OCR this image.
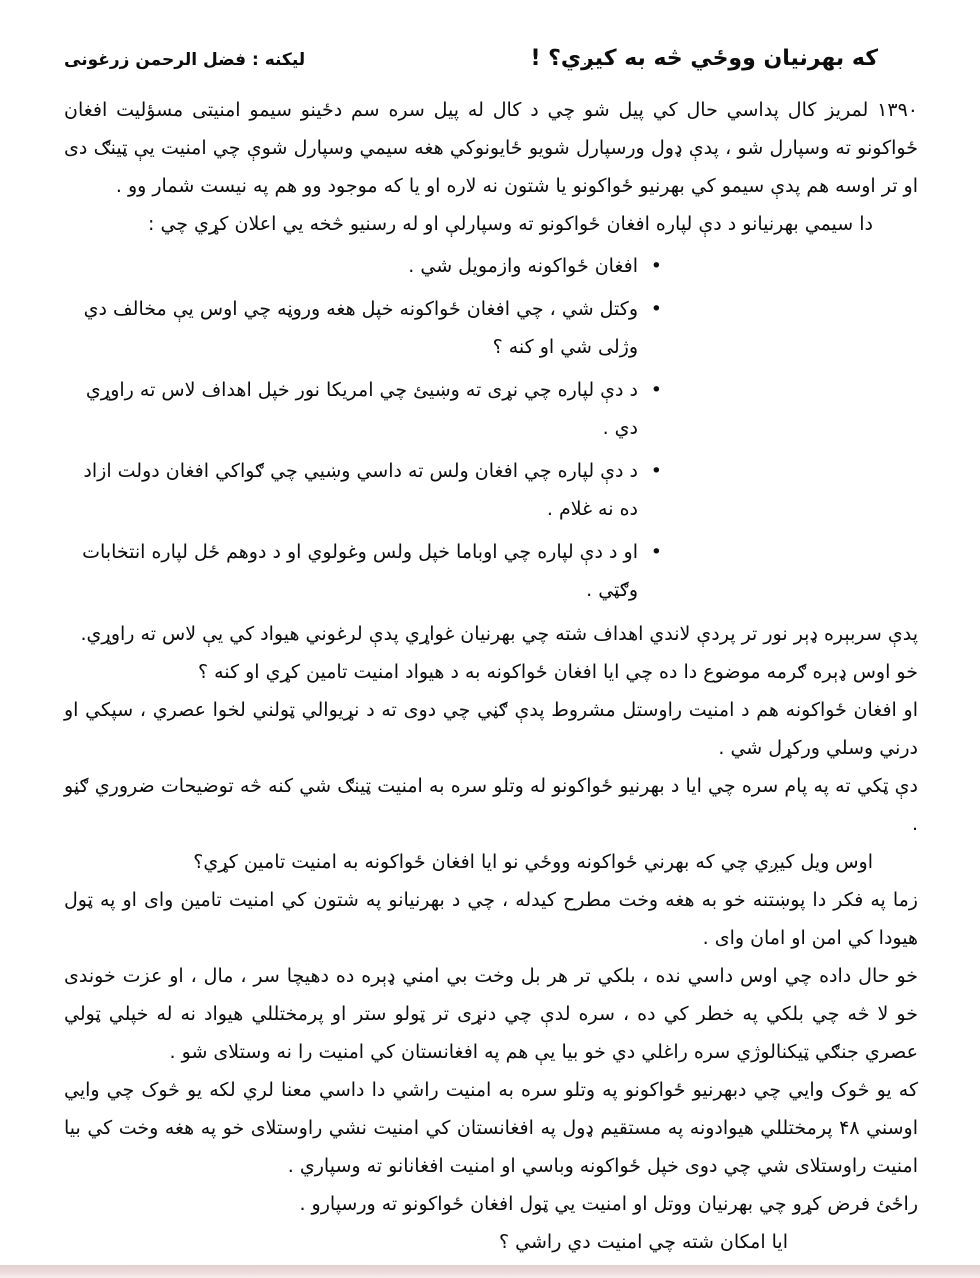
ليکنه : فضل الرحمن زرغونی	که بهرنيان ووځي څه به کيږي؟ !

۱۳۹۰ لمريز کال پداسي حال کي پيل شو چي د کال له پيل سره سم دځينو سيمو امنيتی مسؤليت افغان ځواکونو ته وسپارل شو ، پدې ډول ورسپارل شويو ځايونوکي هغه سيمي وسپارل شوې چي امنيت يې ټينګ دی او تر اوسه هم پدې سيمو کي بهرنيو ځواکونو يا شتون نه لاره او يا که موجود وو هم په نيست شمار وو .

دا سيمي بهرنيانو د دې لپاره افغان ځواکونو ته وسپارلې او له رسنيو څخه يي اعلان کړي چي :

• افغان ځواکونه وازمويل شي .
• وکتل شي ، چي افغان ځواکونه خپل هغه وروڼه چي اوس يې مخالف دي وژلی شي او کنه ؟
• د دې لپاره چي نړی ته وښيئ چي امريکا نور خپل اهداف لاس ته راوړي دي .
• د دې لپاره چي افغان ولس ته داسي وښيي چي ګواکي افغان دولت ازاد ده نه غلام .
• او د دې لپاره چي اوباما خپل ولس وغولوي او د دوهم ځل لپاره انتخابات وګټي .

پدې سربېره ډېر نور تر پردې لاندي اهداف شته چي بهرنيان غواړي پدې لرغوني هيواد کي يې لاس ته راوړي.

خو اوس ډېره ګرمه موضوع دا ده چي ايا افغان ځواکونه به د هيواد امنيت تامين کړي او کنه ؟

او افغان ځواکونه هم د امنيت راوستل مشروط پدې ګڼي چي دوی ته د نړيوالي ټولني لخوا عصري ، سپکي او درني وسلي ورکړل شي .

دې ټکي ته په پام سره چي ايا د بهرنيو ځواکونو له وتلو سره به امنيت ټينګ شي کنه څه توضيحات ضروري ګڼو .

اوس ويل کيږي چي که بهرني ځواکونه ووځي نو ايا افغان ځواکونه به امنيت تامين کړي؟

زما په فکر دا پوښتنه خو به هغه وخت مطرح کيدله ، چي د بهرنيانو په شتون کي امنيت تامين وای او په ټول هيودا کي امن او امان وای .

خو حال داده چي اوس داسي نده ، بلکي تر هر بل وخت بي امني ډېره ده دهيچا سر ، مال ، او عزت خوندی خو لا څه چي بلکي په خطر کي ده ، سره لدې چي دنړی تر ټولو ستر او پرمختللي هيواد نه له خپلي ټولي عصري جنګي ټيکنالوژي سره راغلي دي خو بيا يې هم په افغانستان کي امنيت را نه وستلای شو .

که يو څوک وايي چي دبهرنيو ځواکونو په وتلو سره به امنيت راشي دا داسي معنا لري لکه يو څوک چي وايي اوسني ۴۸ پرمختللي هيوادونه په مستقيم ډول په افغانستان کي امنيت نشي راوستلای خو په هغه وخت کي بيا امنيت راوستلای شي چي دوی خپل ځواکونه وباسي او امنيت افغانانو ته وسپاري .

راځئ فرض کړو چي بهرنيان ووتل او امنيت يي ټول افغان ځواکونو ته ورسپارو .

ايا امکان شته چي امنيت دي راشي ؟
